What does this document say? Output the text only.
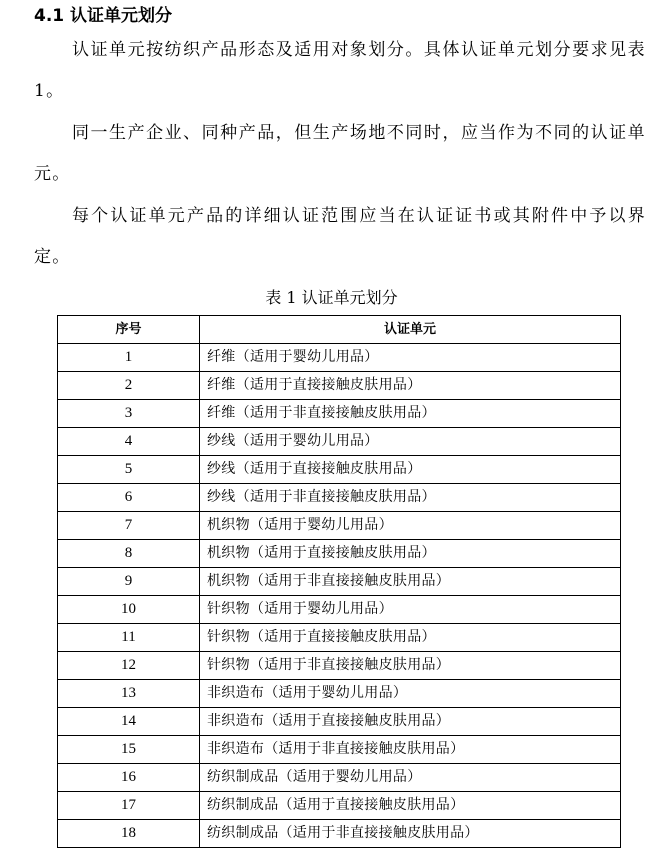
4.1 认证单元划分

认证单元按纺织产品形态及适用对象划分。具体认证单元划分要求见表 1。

同一生产企业、同种产品，但生产场地不同时，应当作为不同的认证单元。

每个认证单元产品的详细认证范围应当在认证证书或其附件中予以界定。

表 1 认证单元划分
序号	认证单元
1	纤维（适用于婴幼儿用品）
2	纤维（适用于直接接触皮肤用品）
3	纤维（适用于非直接接触皮肤用品）
4	纱线（适用于婴幼儿用品）
5	纱线（适用于直接接触皮肤用品）
6	纱线（适用于非直接接触皮肤用品）
7	机织物（适用于婴幼儿用品）
8	机织物（适用于直接接触皮肤用品）
9	机织物（适用于非直接接触皮肤用品）
10	针织物（适用于婴幼儿用品）
11	针织物（适用于直接接触皮肤用品）
12	针织物（适用于非直接接触皮肤用品）
13	非织造布（适用于婴幼儿用品）
14	非织造布（适用于直接接触皮肤用品）
15	非织造布（适用于非直接接触皮肤用品）
16	纺织制成品（适用于婴幼儿用品）
17	纺织制成品（适用于直接接触皮肤用品）
18	纺织制成品（适用于非直接接触皮肤用品）
